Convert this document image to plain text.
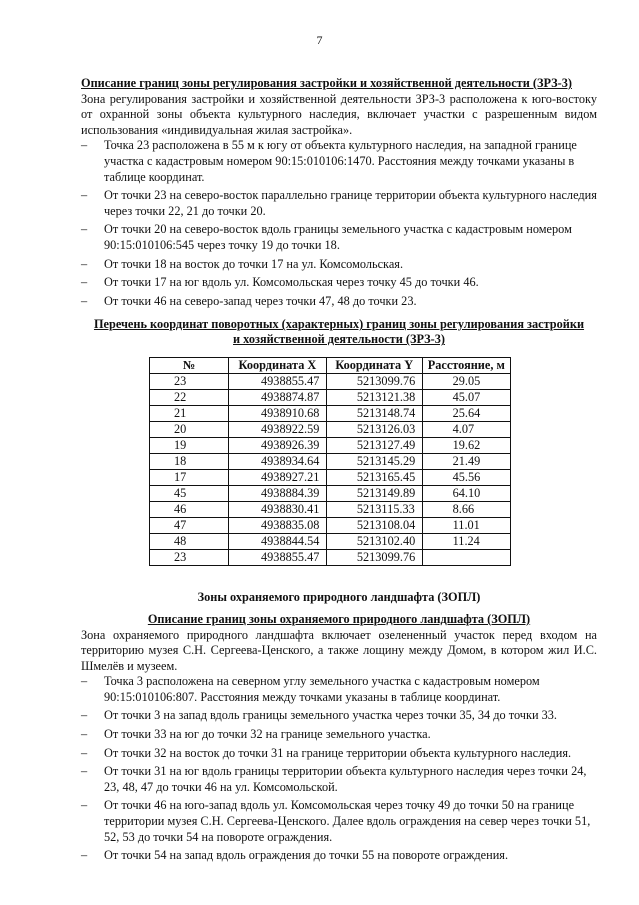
7

Описание границ зоны регулирования застройки и хозяйственной деятельности (ЗРЗ-3)

Зона регулирования застройки и хозяйственной деятельности ЗРЗ-3 расположена к юго-востоку от охранной зоны объекта культурного наследия, включает участки с разрешенным видом использования «индивидуальная жилая застройка».

– Точка 23 расположена в 55 м к югу от объекта культурного наследия, на западной границе участка с кадастровым номером 90:15:010106:1470. Расстояния между точками указаны в таблице координат.
– От точки 23 на северо-восток параллельно границе территории объекта культурного наследия через точки 22, 21 до точки 20.
– От точки 20 на северо-восток вдоль границы земельного участка с кадастровым номером 90:15:010106:545 через точку 19 до точки 18.
– От точки 18 на восток до точки 17 на ул. Комсомольская.
– От точки 17 на юг вдоль ул. Комсомольская через точку 45 до точки 46.
– От точки 46 на северо-запад через точки 47, 48 до точки 23.
Перечень координат поворотных (характерных) границ зоны регулирования застройки
и хозяйственной деятельности (ЗРЗ-3)
№	Координата X	Координата Y	Расстояние, м
23	4938855.47	5213099.76	29.05
22	4938874.87	5213121.38	45.07
21	4938910.68	5213148.74	25.64
20	4938922.59	5213126.03	4.07
19	4938926.39	5213127.49	19.62
18	4938934.64	5213145.29	21.49
17	4938927.21	5213165.45	45.56
45	4938884.39	5213149.89	64.10
46	4938830.41	5213115.33	8.66
47	4938835.08	5213108.04	11.01
48	4938844.54	5213102.40	11.24
23	4938855.47	5213099.76	
Зоны охраняемого природного ландшафта (ЗОПЛ)

Описание границ зоны охраняемого природного ландшафта (ЗОПЛ)

Зона охраняемого природного ландшафта включает озелененный участок перед входом на территорию музея С.Н. Сергеева-Ценского, а также лощину между Домом, в котором жил И.С. Шмелёв и музеем.

– Точка 3 расположена на северном углу земельного участка с кадастровым номером 90:15:010106:807. Расстояния между точками указаны в таблице координат.
– От точки 3 на запад вдоль границы земельного участка через точки 35, 34 до точки 33.
– От точки 33 на юг до точки 32 на границе земельного участка.
– От точки 32 на восток до точки 31 на границе территории объекта культурного наследия.
– От точки 31 на юг вдоль границы территории объекта культурного наследия через точки 24, 23, 48, 47 до точки 46 на ул. Комсомольской.
– От точки 46 на юго-запад вдоль ул. Комсомольская через точку 49 до точки 50 на границе территории музея С.Н. Сергеева-Ценского. Далее вдоль ограждения на север через точки 51, 52, 53 до точки 54 на повороте ограждения.
– От точки 54 на запад вдоль ограждения до точки 55 на повороте ограждения.
